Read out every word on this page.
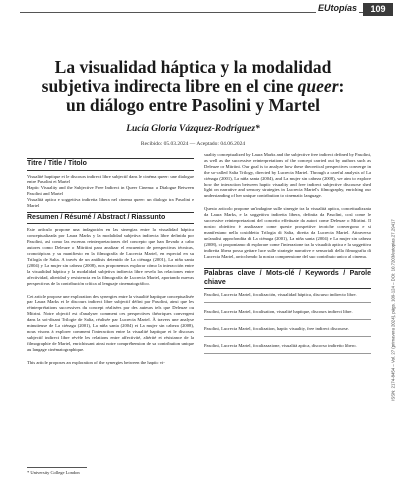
EUtopías	109
La visualidad háptica y la modalidad
subjetiva indirecta libre en el cine queer:
un diálogo entre Pasolini y Martel
Lucía Gloria Vázquez-Rodríguez*
Recibido: 05.03.2024 — Aceptado: 04.06.2024
Titre / Title / Titolo
Visualité haptique et le discours indirect libre subjectif dans le cinéma queer: une dialogue entre Pasolini et Martel
Haptic Visuality and the Subjective Free Indirect in Queer Cinema: a Dialogue Between Pasolini and Martel
Visualità aptica e soggettiva indiretta libera nel cinema queer: un dialogo tra Pasolini e Martel
Resumen / Résumé / Abstract / Riassunto
Este artículo propone una indagación en las sinergias entre la visualidad háptica conceptualizada por Laura Marks y la modalidad subjetiva indirecta libre definida por Pasolini, así como las escenas reinterpretaciones del concepto que han llevado a cabo autores como Deleuze o Mitriiini para analizar el encuentro de perspectivas técnicas, cronotópicas y su manifiesto en la filmografía de Lucrecia Martel, en especial en su Trilogía de Salta. A través de un análisis detenido de La ciénaga (2001), La niña santa (2004) y La mujer sin cabeza (2008), nos proponemos explorar cómo la interacción entre la visualidad háptica y la modalidad subjetiva indirecta libre revela las relaciones entre afectividad, alteridad y resistencia en la filmografía de Lucrecia Martel, aportando nuevas perspectivas de la contribución crítica al lenguaje cinematográfico.
Cet article propose une exploration des synergies entre la visualité haptique conceptualisée par Laura Marks et le discours indirect libre subjectif défini par Pasolini, ainsi que les réinterprétations successives du concept réalisées par des auteurs tels que Deleuze ou Mitrini. Notre objectif est d'analyser comment ces perspectives théoriques convergent dans la soi-disant Trilogie de Salta, réalisée par Lucrecia Martel. À travers une analyse minutieuse de La ciénaga (2001), La niña santa (2004) et La mujer sin cabeza (2008), nous visons à explorer comment l'interaction entre la visualité haptique et le discours subjectif indirect libre révèle les relations entre affectivité, altérité et résistance de la filmographie de Martel, enrichissant ainsi notre compréhension de sa contribution unique au langage cinématographique.
This article proposes an exploration of the synergies between the haptic vi-
suality conceptualized by Laura Marks and the subjective free indirect defined by Pasolini, as well as the successive reinterpretations of the concept carried out by authors such as Deleuze or Mitriini. Our goal is to analyze how these theoretical perspectives converge in the so-called Salta Trilogy, directed by Lucrecia Martel. Through a careful analysis of La ciénaga (2001), La niña santa (2004), and La mujer sin cabeza (2008), we aim to explore how the interaction between haptic visuality and free indirect subjective discourse shed light on narrative and sensory strategies in Lucrecia Martel's filmography, enriching our understanding of her unique contribution to cinematic language.
Questo articolo propone un'indagine sulle sinergie tra la visualità aptica, concettualizzata da Laura Marks, e la soggettiva indiretta libera, definita da Pasolini, così come le successive reinterpretazioni del concetto effettuate da autori come Deleuze o Mitriini. Il nostro obiettivo è analizzare come queste prospettive teoriche convergono e si manifestano nella cosiddetta Trilogia di Salta, diretta da Lucrecia Martel. Attraverso un'analisi approfondita di La ciénaga (2001), La niña santa (2004) e La mujer sin cabeza (2008), ci proponiamo di esplorare come l'interazione tra la visualità aptica e la soggettiva indiretta libera possa gettare luce sulle strategie narrative e sensoriali della filmografia di Lucrecia Martel, arricchendo la nostra comprensione del suo contributo unico al cinema.
Palabras clave / Mots-clé / Keywords / Parole chiave
Pasolini, Lucrecia Martel, focalización, visualidad háptica, discurso indirecto libre.
Pasolini, Lucrecia Martel, focalisation, visualité haptique, discours indirect libre.
Pasolini, Lucrecia Martel, focalization, haptic visuality, free indirect discourse.
Pasolini, Lucrecia Martel, focalizzazione, visualità aptica, discorso indiretto libero.
* University College London
ISSN: 2174-8454 – Vol. 27 (primavera 2024), págs. 109-124 – DOI: 10.7203/eutopias.27.29417
